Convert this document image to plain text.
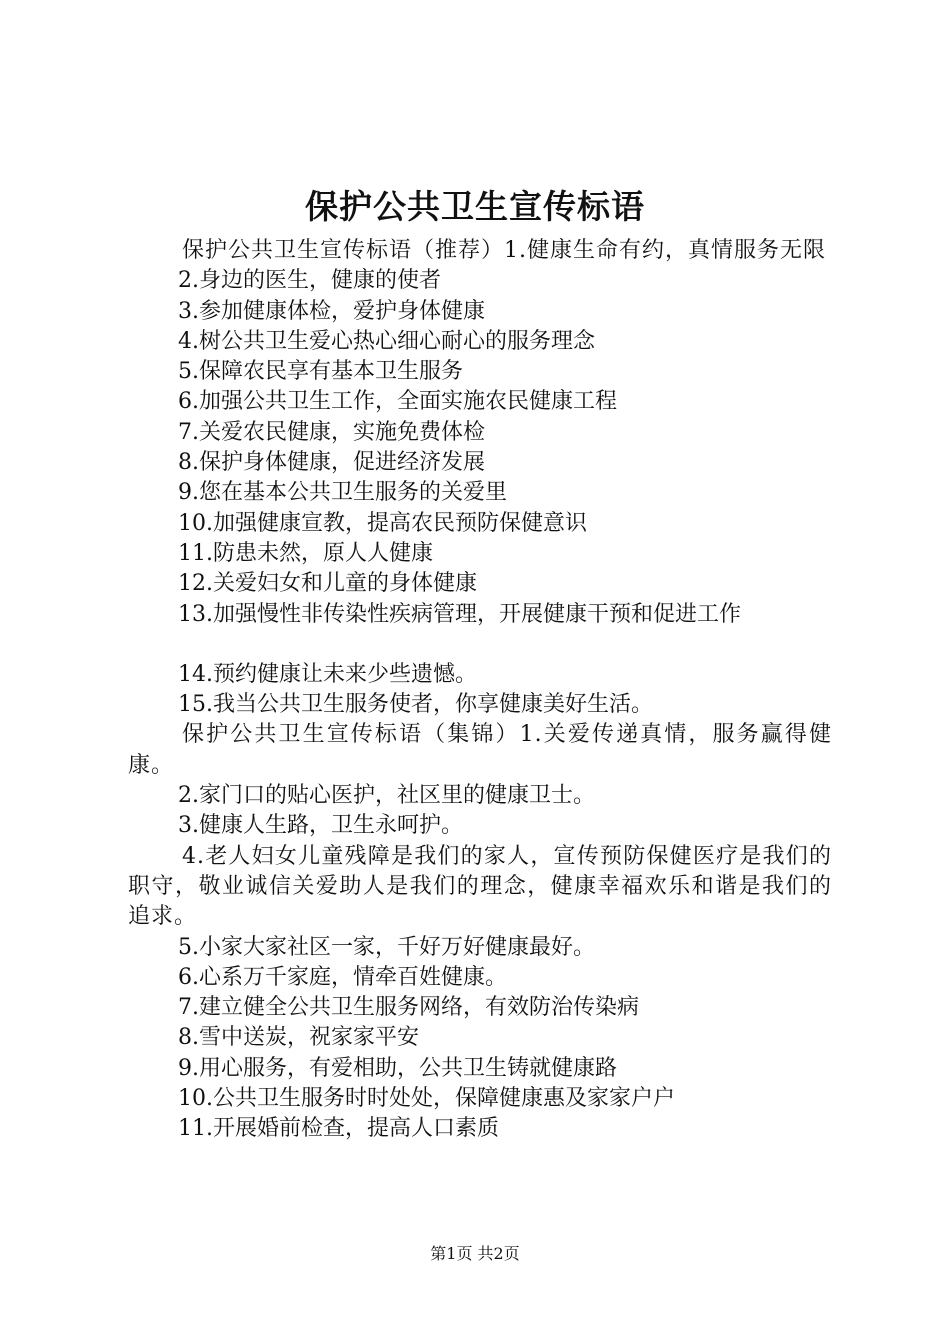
保护公共卫生宣传标语

保护公共卫生宣传标语（推荐）1.健康生命有约，真情服务无限

2.身边的医生，健康的使者

3.参加健康体检，爱护身体健康

4.树公共卫生爱心热心细心耐心的服务理念

5.保障农民享有基本卫生服务

6.加强公共卫生工作，全面实施农民健康工程

7.关爱农民健康，实施免费体检

8.保护身体健康，促进经济发展

9.您在基本公共卫生服务的关爱里

10.加强健康宣教，提高农民预防保健意识

11.防患未然，原人人健康

12.关爱妇女和儿童的身体健康

13.加强慢性非传染性疾病管理，开展健康干预和促进工作

14.预约健康让未来少些遗憾。

15.我当公共卫生服务使者，你享健康美好生活。

保护公共卫生宣传标语（集锦）1.关爱传递真情，服务赢得健康。

2.家门口的贴心医护，社区里的健康卫士。

3.健康人生路，卫生永呵护。

4.老人妇女儿童残障是我们的家人，宣传预防保健医疗是我们的职守，敬业诚信关爱助人是我们的理念，健康幸福欢乐和谐是我们的追求。

5.小家大家社区一家，千好万好健康最好。

6.心系万千家庭，情牵百姓健康。

7.建立健全公共卫生服务网络，有效防治传染病

8.雪中送炭，祝家家平安

9.用心服务，有爱相助，公共卫生铸就健康路

10.公共卫生服务时时处处，保障健康惠及家家户户

11.开展婚前检查，提高人口素质

第1页 共2页
